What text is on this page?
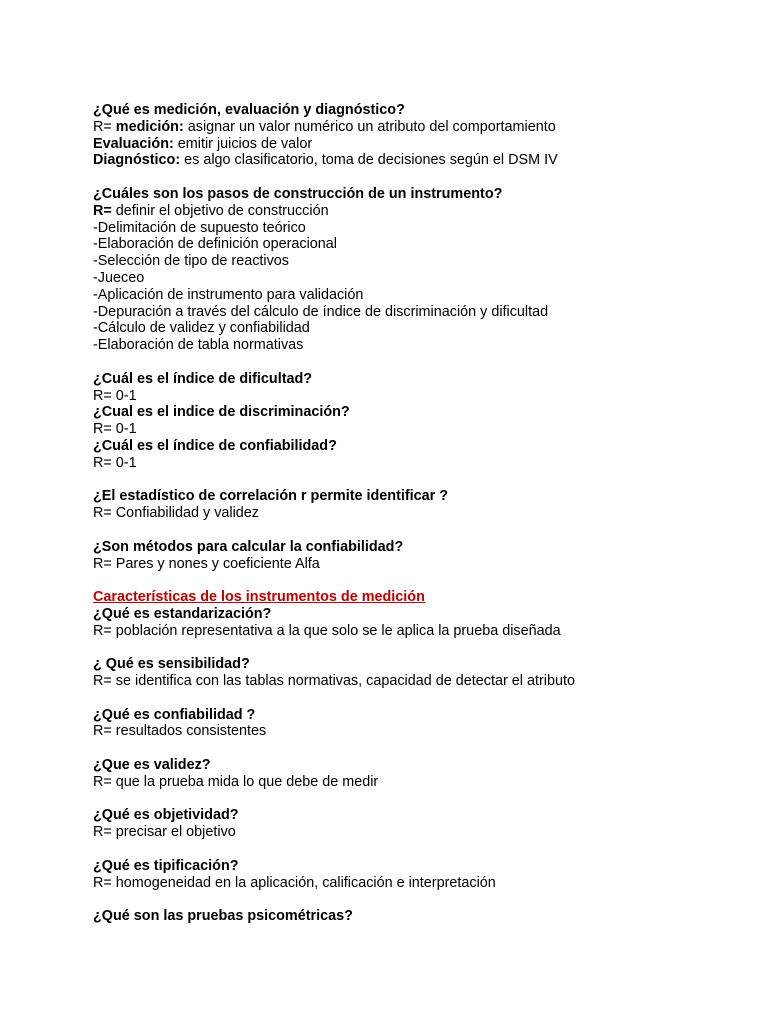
¿Qué es medición, evaluación y diagnóstico?
R= medición: asignar un valor numérico un atributo del comportamiento
Evaluación: emitir juicios de valor
Diagnóstico: es algo clasificatorio, toma de decisiones según el DSM IV
¿Cuáles son los pasos de construcción de un instrumento?
R= definir el objetivo de construcción
-Delimitación de supuesto teórico
-Elaboración de definición operacional
-Selección de tipo de reactivos
-Jueceo
-Aplicación de instrumento para validación
-Depuración a través del cálculo de índice de discriminación y dificultad
-Cálculo de validez y confiabilidad
-Elaboración de tabla normativas
¿Cuál es el índice de dificultad?
R= 0-1
¿Cual es el indice de discriminación?
R= 0-1
¿Cuál es el índice de confiabilidad?
R= 0-1
¿El estadístico de correlación r permite identificar ?
R= Confiabilidad y validez
¿Son métodos para calcular la confiabilidad?
R= Pares y nones y coeficiente Alfa
Características de los instrumentos de medición
¿Qué es estandarización?
R= población representativa a la que solo se le aplica la prueba diseñada
¿ Qué es sensibilidad?
R= se identifica con las tablas normativas, capacidad de detectar el atributo
¿Qué es confiabilidad ?
R= resultados consistentes
¿Que es validez?
R= que la prueba mida lo que debe de medir
¿Qué es objetividad?
R= precisar el objetivo
¿Qué es tipificación?
R= homogeneidad en la aplicación, calificación e interpretación
¿Qué son las pruebas psicométricas?
